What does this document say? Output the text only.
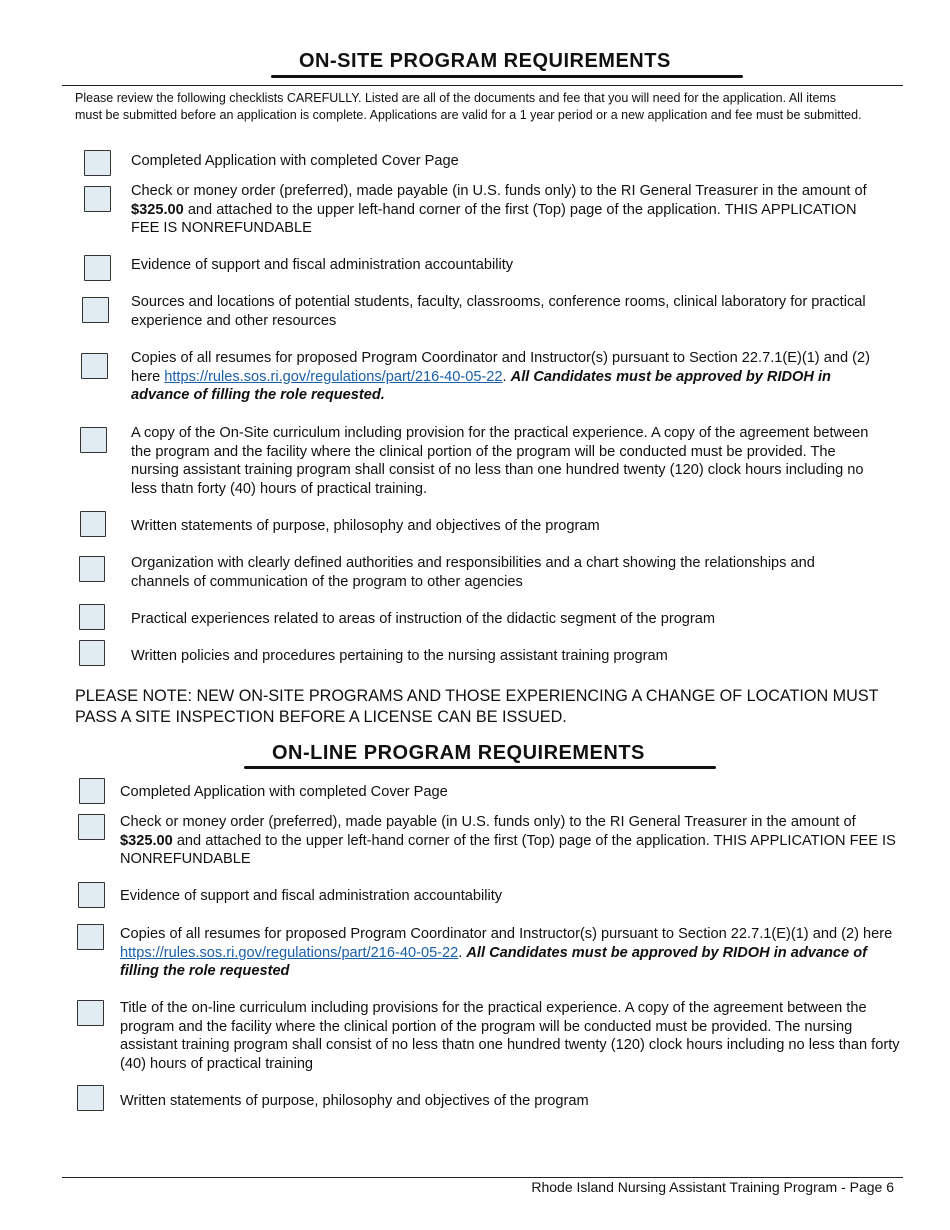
ON-SITE PROGRAM REQUIREMENTS

Please review the following checklists CAREFULLY. Listed are all of the documents and fee that you will need for the application. All items must be submitted before an application is complete. Applications are valid for a 1 year period or a new application and fee must be submitted.

Completed Application with completed Cover Page

Check or money order (preferred), made payable (in U.S. funds only) to the RI General Treasurer in the amount of $325.00 and attached to the upper left-hand corner of the first (Top) page of the application. THIS APPLICATION FEE IS NONREFUNDABLE

Evidence of support and fiscal administration accountability

Sources and locations of potential students, faculty, classrooms, conference rooms, clinical laboratory for practical experience and other resources

Copies of all resumes for proposed Program Coordinator and Instructor(s) pursuant to Section 22.7.1(E)(1) and (2) here https://rules.sos.ri.gov/regulations/part/216-40-05-22. All Candidates must be approved by RIDOH in advance of filling the role requested.

A copy of the On-Site curriculum including provision for the practical experience. A copy of the agreement between the program and the facility where the clinical portion of the program will be conducted must be provided. The nursing assistant training program shall consist of no less than one hundred twenty (120) clock hours including no less thatn forty (40) hours of practical training.

Written statements of purpose, philosophy and objectives of the program

Organization with clearly defined authorities and responsibilities and a chart showing the relationships and channels of communication of the program to other agencies

Practical experiences related to areas of instruction of the didactic segment of the program

Written policies and procedures pertaining to the nursing assistant training program

PLEASE NOTE: NEW ON-SITE PROGRAMS AND THOSE EXPERIENCING A CHANGE OF LOCATION MUST PASS A SITE INSPECTION BEFORE A LICENSE CAN BE ISSUED.

ON-LINE PROGRAM REQUIREMENTS

Completed Application with completed Cover Page

Check or money order (preferred), made payable (in U.S. funds only) to the RI General Treasurer in the amount of $325.00 and attached to the upper left-hand corner of the first (Top) page of the application. THIS APPLICATION FEE IS NONREFUNDABLE

Evidence of support and fiscal administration accountability

Copies of all resumes for proposed Program Coordinator and Instructor(s) pursuant to Section 22.7.1(E)(1) and (2) here https://rules.sos.ri.gov/regulations/part/216-40-05-22. All Candidates must be approved by RIDOH in advance of filling the role requested

Title of the on-line curriculum including provisions for the practical experience. A copy of the agreement between the program and the facility where the clinical portion of the program will be conducted must be provided. The nursing assistant training program shall consist of no less thatn one hundred twenty (120) clock hours including no less than forty (40) hours of practical training

Written statements of purpose, philosophy and objectives of the program

Rhode Island Nursing Assistant Training Program - Page 6
